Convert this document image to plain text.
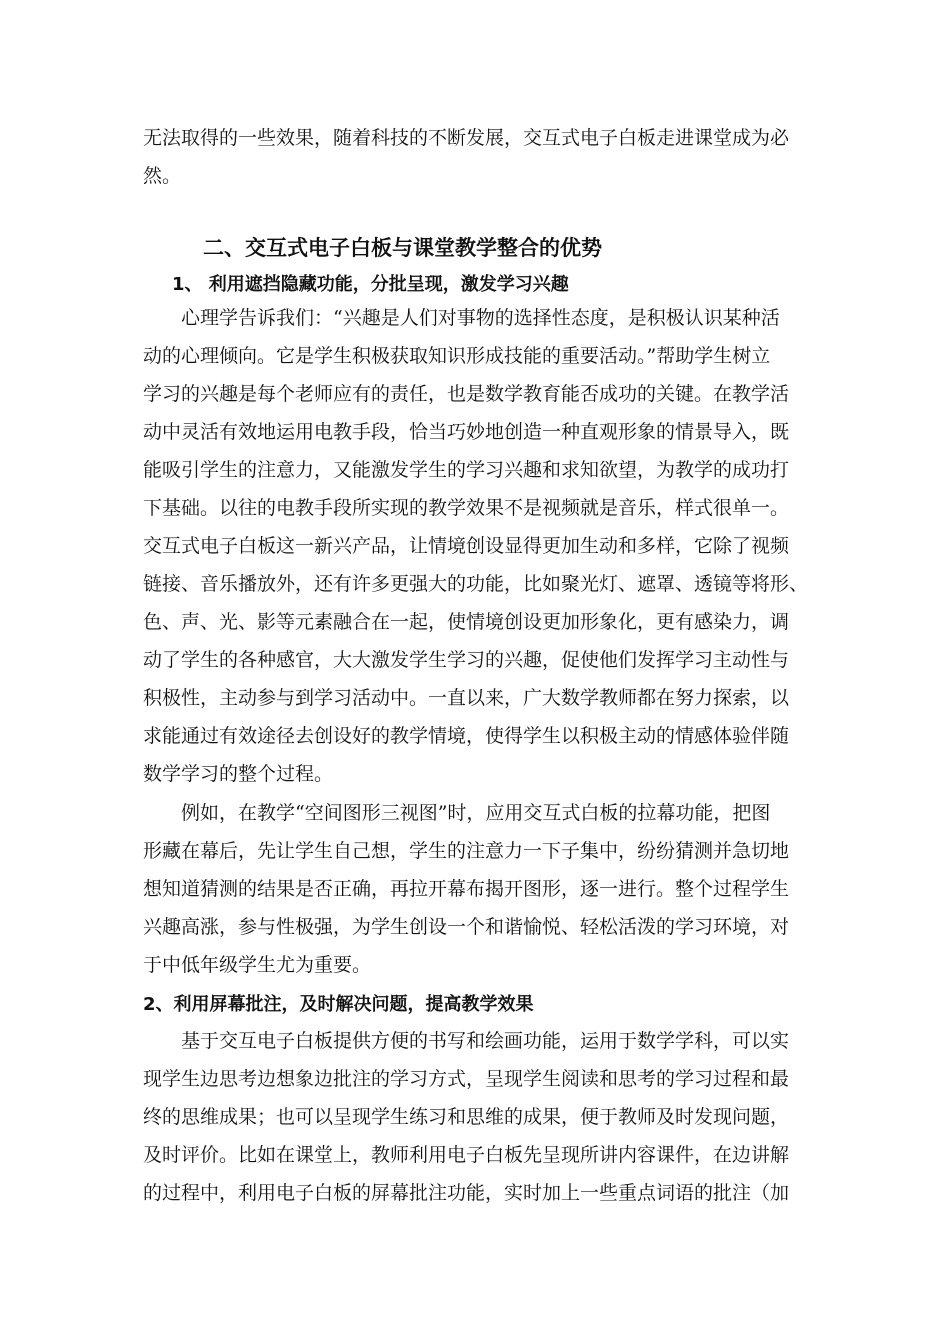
无法取得的一些效果，随着科技的不断发展，交互式电子白板走进课堂成为必
然。
二、交互式电子白板与课堂教学整合的优势
1、 利用遮挡隐藏功能，分批呈现，激发学习兴趣
心理学告诉我们：“兴趣是人们对事物的选择性态度，是积极认识某种活
动的心理倾向。它是学生积极获取知识形成技能的重要活动。”帮助学生树立
学习的兴趣是每个老师应有的责任，也是数学教育能否成功的关键。在教学活
动中灵活有效地运用电教手段，恰当巧妙地创造一种直观形象的情景导入，既
能吸引学生的注意力，又能激发学生的学习兴趣和求知欲望，为教学的成功打
下基础。以往的电教手段所实现的教学效果不是视频就是音乐，样式很单一。
交互式电子白板这一新兴产品，让情境创设显得更加生动和多样，它除了视频
链接、音乐播放外，还有许多更强大的功能，比如聚光灯、遮罩、透镜等将形、
色、声、光、影等元素融合在一起，使情境创设更加形象化，更有感染力，调
动了学生的各种感官，大大激发学生学习的兴趣，促使他们发挥学习主动性与
积极性，主动参与到学习活动中。一直以来，广大数学教师都在努力探索，以
求能通过有效途径去创设好的教学情境，使得学生以积极主动的情感体验伴随
数学学习的整个过程。
例如，在教学“空间图形三视图”时，应用交互式白板的拉幕功能，把图
形藏在幕后，先让学生自己想，学生的注意力一下子集中，纷纷猜测并急切地
想知道猜测的结果是否正确，再拉开幕布揭开图形，逐一进行。整个过程学生
兴趣高涨，参与性极强，为学生创设一个和谐愉悦、轻松活泼的学习环境，对
于中低年级学生尤为重要。
2、利用屏幕批注，及时解决问题，提高教学效果
基于交互电子白板提供方便的书写和绘画功能，运用于数学学科，可以实
现学生边思考边想象边批注的学习方式，呈现学生阅读和思考的学习过程和最
终的思维成果；也可以呈现学生练习和思维的成果，便于教师及时发现问题，
及时评价。比如在课堂上，教师利用电子白板先呈现所讲内容课件，在边讲解
的过程中，利用电子白板的屏幕批注功能，实时加上一些重点词语的批注（加
